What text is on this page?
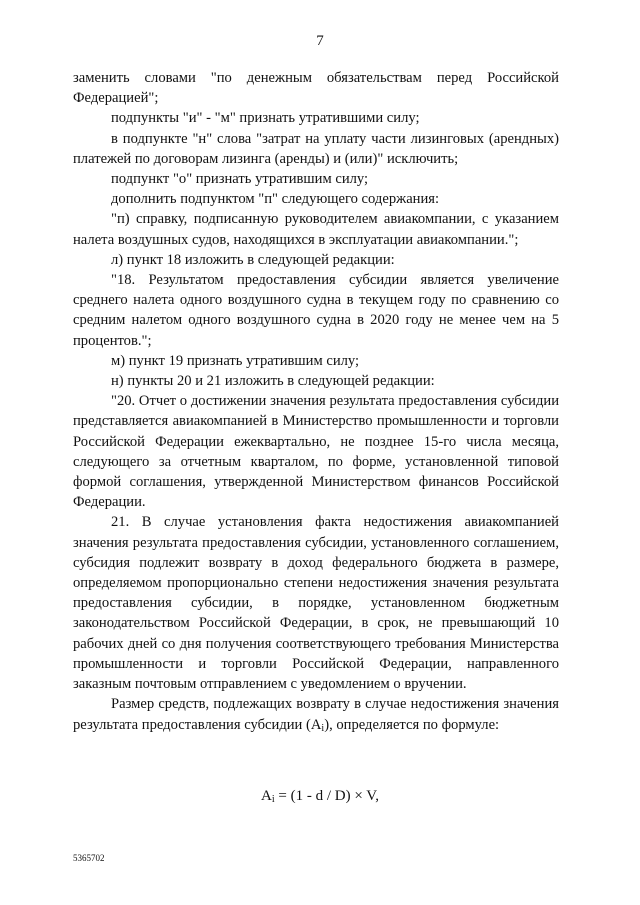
7

заменить словами "по денежным обязательствам перед Российской Федерацией";

подпункты "и" - "м" признать утратившими силу;

в подпункте "н" слова "затрат на уплату части лизинговых (арендных) платежей по договорам лизинга (аренды) и (или)" исключить;

подпункт "о" признать утратившим силу;

дополнить подпунктом "п" следующего содержания:

"п) справку, подписанную руководителем авиакомпании, с указанием налета воздушных судов, находящихся в эксплуатации авиакомпании.";

л) пункт 18 изложить в следующей редакции:

"18. Результатом предоставления субсидии является увеличение среднего налета одного воздушного судна в текущем году по сравнению со средним налетом одного воздушного судна в 2020 году не менее чем на 5 процентов.";

м) пункт 19 признать утратившим силу;

н) пункты 20 и 21 изложить в следующей редакции:

"20. Отчет о достижении значения результата предоставления субсидии представляется авиакомпанией в Министерство промышленности и торговли Российской Федерации ежеквартально, не позднее 15-го числа месяца, следующего за отчетным кварталом, по форме, установленной типовой формой соглашения, утвержденной Министерством финансов Российской Федерации.

21. В случае установления факта недостижения авиакомпанией значения результата предоставления субсидии, установленного соглашением, субсидия подлежит возврату в доход федерального бюджета в размере, определяемом пропорционально степени недостижения значения результата предоставления субсидии, в порядке, установленном бюджетным законодательством Российской Федерации, в срок, не превышающий 10 рабочих дней со дня получения соответствующего требования Министерства промышленности и торговли Российской Федерации, направленного заказным почтовым отправлением с уведомлением о вручении.

Размер средств, подлежащих возврату в случае недостижения значения результата предоставления субсидии $(A_i)$, определяется по формуле:

$A_i = (1 - d / D) \times V$,
5365702
